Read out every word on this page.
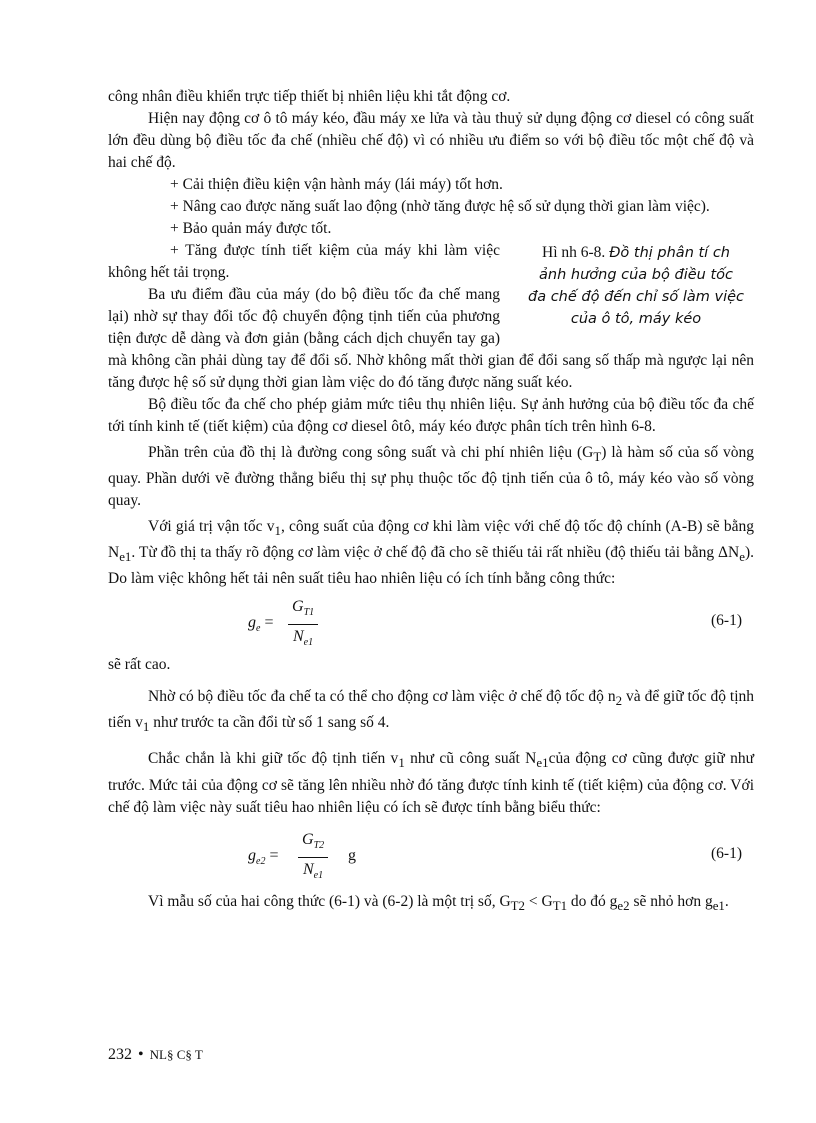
công nhân điều khiển trực tiếp thiết bị nhiên liệu khi tắt động cơ.

Hiện nay động cơ ô tô máy kéo, đầu máy xe lửa và tàu thuỷ sử dụng động cơ diesel có công suất lớn đều dùng bộ điều tốc đa chế (nhiều chế độ) vì có nhiều ưu điểm so với bộ điều tốc một chế độ và hai chế độ.

+ Cải thiện điều kiện vận hành máy (lái máy) tốt hơn.

+ Nâng cao được năng suất lao động (nhờ tăng được hệ số sử dụng thời gian làm việc).

+ Bảo quản máy được tốt.

Hì nh 6-8. Đồ thị phân tí ch
ảnh hưởng của bộ điều tốc
đa chế độ đến chỉ số làm việc
của ô tô, máy kéo

+ Tăng được tính tiết kiệm của máy khi làm việc không hết tải trọng.

Ba ưu điểm đầu của máy (do bộ điều tốc đa chế mang lại) nhờ sự thay đổi tốc độ chuyển động tịnh tiến của phương tiện được dễ dàng và đơn giản (bằng cách dịch chuyển tay ga) mà không cần phải dùng tay để đổi số. Nhờ không mất thời gian để đổi sang số thấp mà ngược lại nên tăng được hệ số sử dụng thời gian làm việc do đó tăng được năng suất kéo.

Bộ điều tốc đa chế cho phép giảm mức tiêu thụ nhiên liệu. Sự ảnh hưởng của bộ điều tốc đa chế tới tính kinh tế (tiết kiệm) của động cơ diesel ôtô, máy kéo được phân tích trên hình 6-8.

Phần trên của đồ thị là đường cong sông suất và chi phí nhiên liệu $(G_T)$ là hàm số của số vòng quay. Phần dưới vẽ đường thẳng biểu thị sự phụ thuộc tốc độ tịnh tiến của ô tô, máy kéo vào số vòng quay.

Với giá trị vận tốc $v_1$, công suất của động cơ khi làm việc với chế độ tốc độ chính (A-B) sẽ bằng $N_{e1}$. Từ đồ thị ta thấy rõ động cơ làm việc ở chế độ đã cho sẽ thiếu tải rất nhiều (độ thiếu tải bằng $\Delta N_e$). Do làm việc không hết tải nên suất tiêu hao nhiên liệu có ích tính bằng công thức:

$g_e = \frac{G_{T1}}{N_{e1}}$	(6-1)

sẽ rất cao.

Nhờ có bộ điều tốc đa chế ta có thể cho động cơ làm việc ở chế độ tốc độ $n_2$ và để giữ tốc độ tịnh tiến $v_1$ như trước ta cần đổi từ số 1 sang số 4.

Chắc chắn là khi giữ tốc độ tịnh tiến $v_1$ như cũ công suất $N_{e1}của$ động cơ cũng được giữ như trước. Mức tải của động cơ sẽ tăng lên nhiều nhờ đó tăng được tính kinh tế (tiết kiệm) của động cơ. Với chế độ làm việc này suất tiêu hao nhiên liệu có ích sẽ được tính bằng biểu thức:

$g_{e2} = \frac{G_{T2}}{N_{e1}}$ g	(6-1)

Vì mẫu số của hai công thức (6-1) và (6-2) là một trị số, $G_{T2} < G_{T1}$ do đó $g_{e2}$ sẽ nhỏ hơn $g_{e1}$.

232 • NL§ C§ T
